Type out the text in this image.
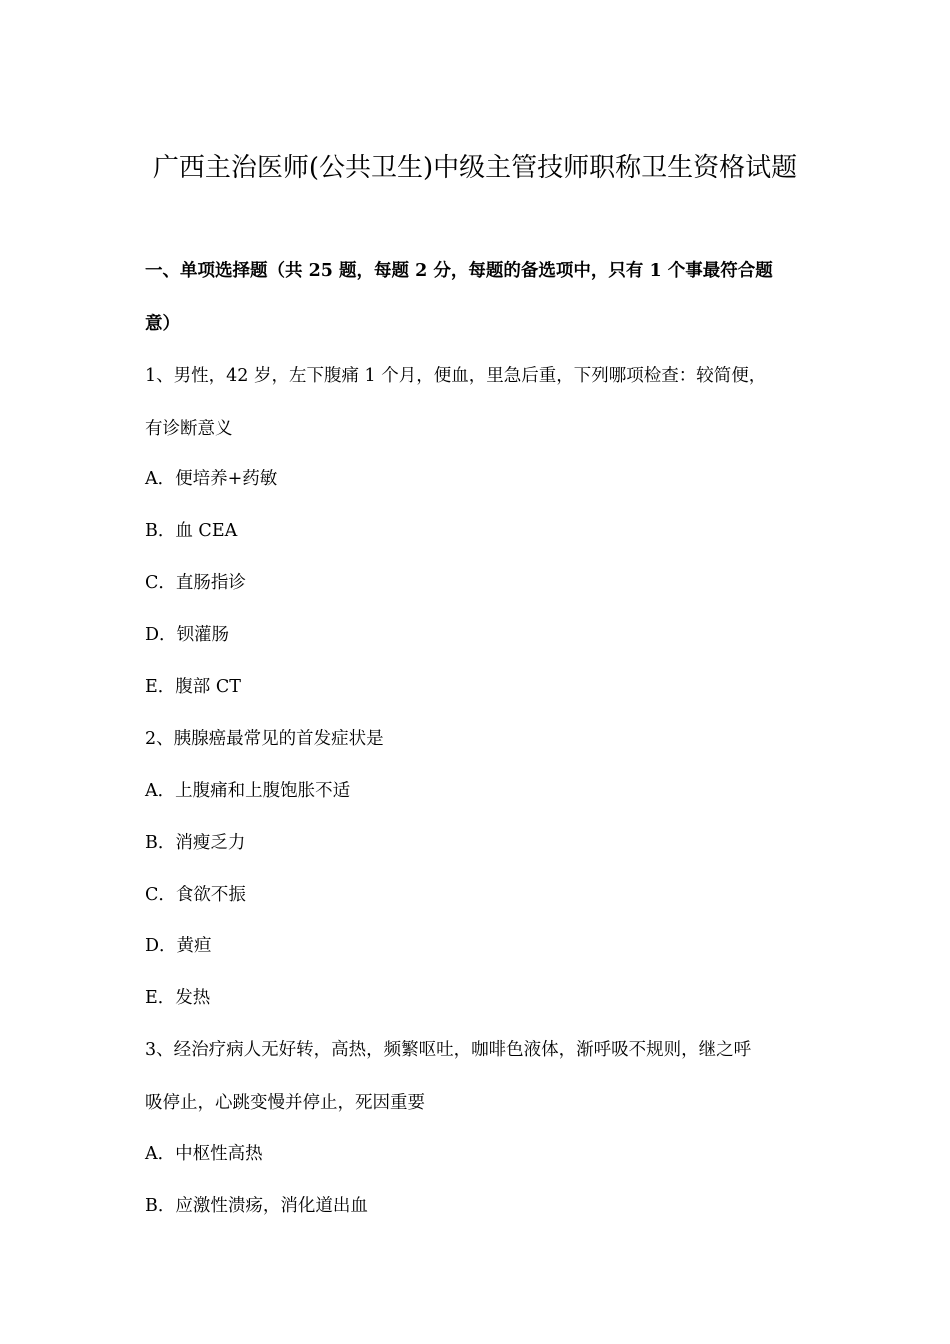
广西主治医师(公共卫生)中级主管技师职称卫生资格试题
一、单项选择题（共 25 题，每题 2 分，每题的备选项中，只有 1 个事最符合题
意）
1、男性，42 岁，左下腹痛 1 个月，便血，里急后重，下列哪项检查：较简便，
有诊断意义
A．便培养+药敏
B．血 CEA
C．直肠指诊
D．钡灌肠
E．腹部 CT
2、胰腺癌最常见的首发症状是
A．上腹痛和上腹饱胀不适
B．消瘦乏力
C．食欲不振
D．黄疸
E．发热
3、经治疗病人无好转，高热，频繁呕吐，咖啡色液体，渐呼吸不规则，继之呼
吸停止，心跳变慢并停止，死因重要
A．中枢性高热
B．应激性溃疡，消化道出血
